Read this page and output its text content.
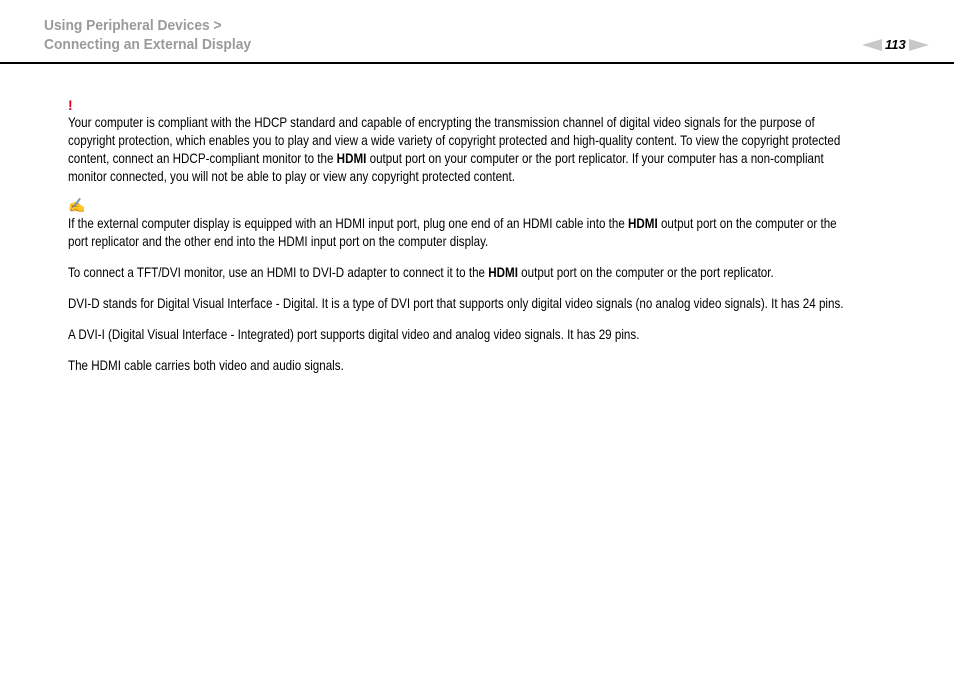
Using Peripheral Devices >
Connecting an External Display	113
!
Your computer is compliant with the HDCP standard and capable of encrypting the transmission channel of digital video signals for the purpose of
copyright protection, which enables you to play and view a wide variety of copyright protected and high-quality content. To view the copyright protected
content, connect an HDCP-compliant monitor to the HDMI output port on your computer or the port replicator. If your computer has a non-compliant
monitor connected, you will not be able to play or view any copyright protected content.
✍
If the external computer display is equipped with an HDMI input port, plug one end of an HDMI cable into the HDMI output port on the computer or the
port replicator and the other end into the HDMI input port on the computer display.
To connect a TFT/DVI monitor, use an HDMI to DVI-D adapter to connect it to the HDMI output port on the computer or the port replicator.
DVI-D stands for Digital Visual Interface - Digital. It is a type of DVI port that supports only digital video signals (no analog video signals). It has 24 pins.
A DVI-I (Digital Visual Interface - Integrated) port supports digital video and analog video signals. It has 29 pins.
The HDMI cable carries both video and audio signals.
